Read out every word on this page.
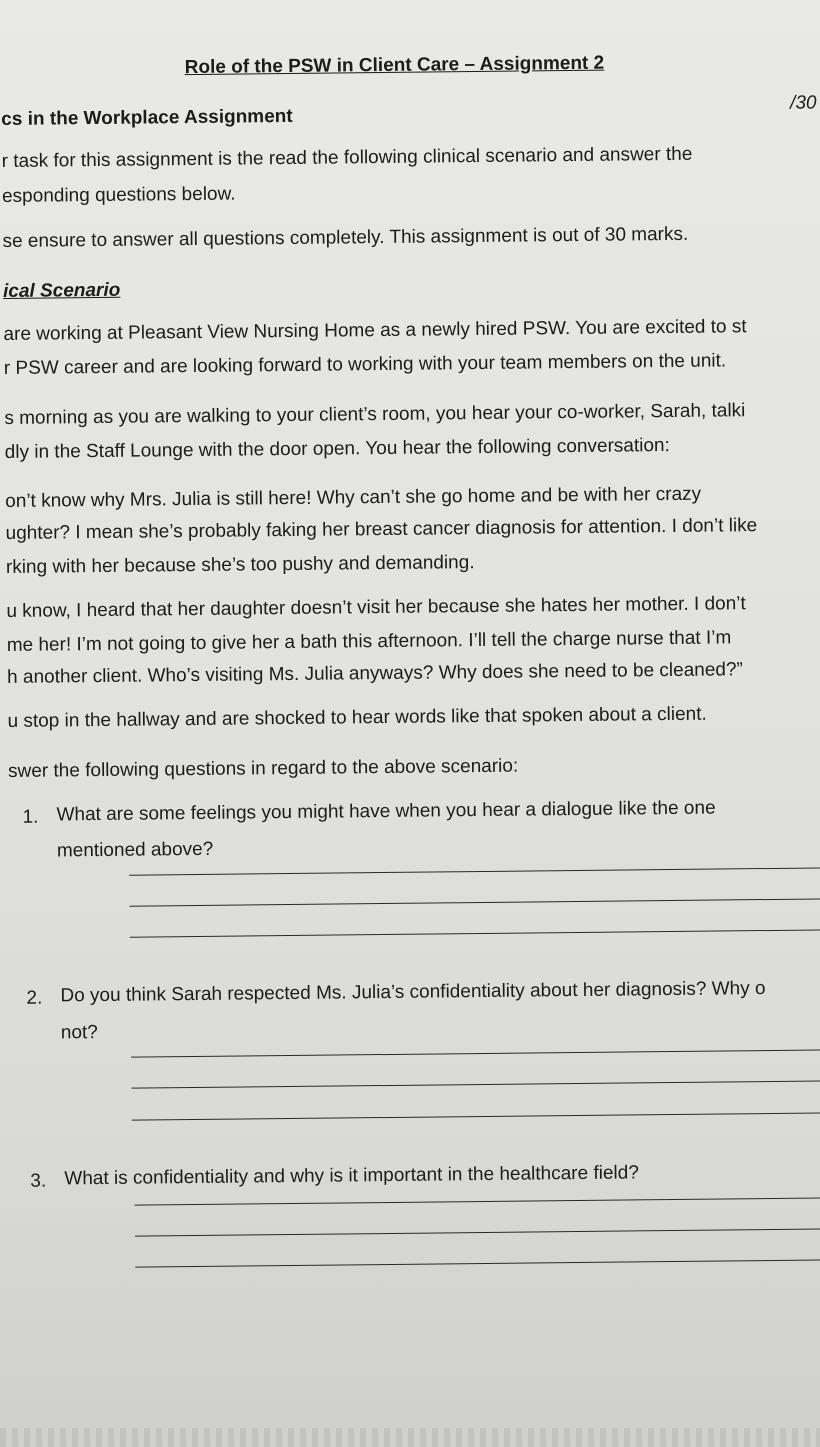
Role of the PSW in Client Care – Assignment 2
cs in the Workplace Assignment
/30
r task for this assignment is the read the following clinical scenario and answer the
esponding questions below.
se ensure to answer all questions completely. This assignment is out of 30 marks.
ical Scenario
are working at Pleasant View Nursing Home as a newly hired PSW. You are excited to st
r PSW career and are looking forward to working with your team members on the unit.
s morning as you are walking to your client’s room, you hear your co-worker, Sarah, talki
dly in the Staff Lounge with the door open. You hear the following conversation:
on’t know why Mrs. Julia is still here! Why can’t she go home and be with her crazy
ughter? I mean she’s probably faking her breast cancer diagnosis for attention. I don’t like
rking with her because she’s too pushy and demanding.
u know, I heard that her daughter doesn’t visit her because she hates her mother. I don’t
me her! I’m not going to give her a bath this afternoon. I’ll tell the charge nurse that I’m
h another client. Who’s visiting Ms. Julia anyways? Why does she need to be cleaned?”
u stop in the hallway and are shocked to hear words like that spoken about a client.
swer the following questions in regard to the above scenario:
1. What are some feelings you might have when you hear a dialogue like the one
mentioned above?
2. Do you think Sarah respected Ms. Julia’s confidentiality about her diagnosis? Why o
not?
3. What is confidentiality and why is it important in the healthcare field?
